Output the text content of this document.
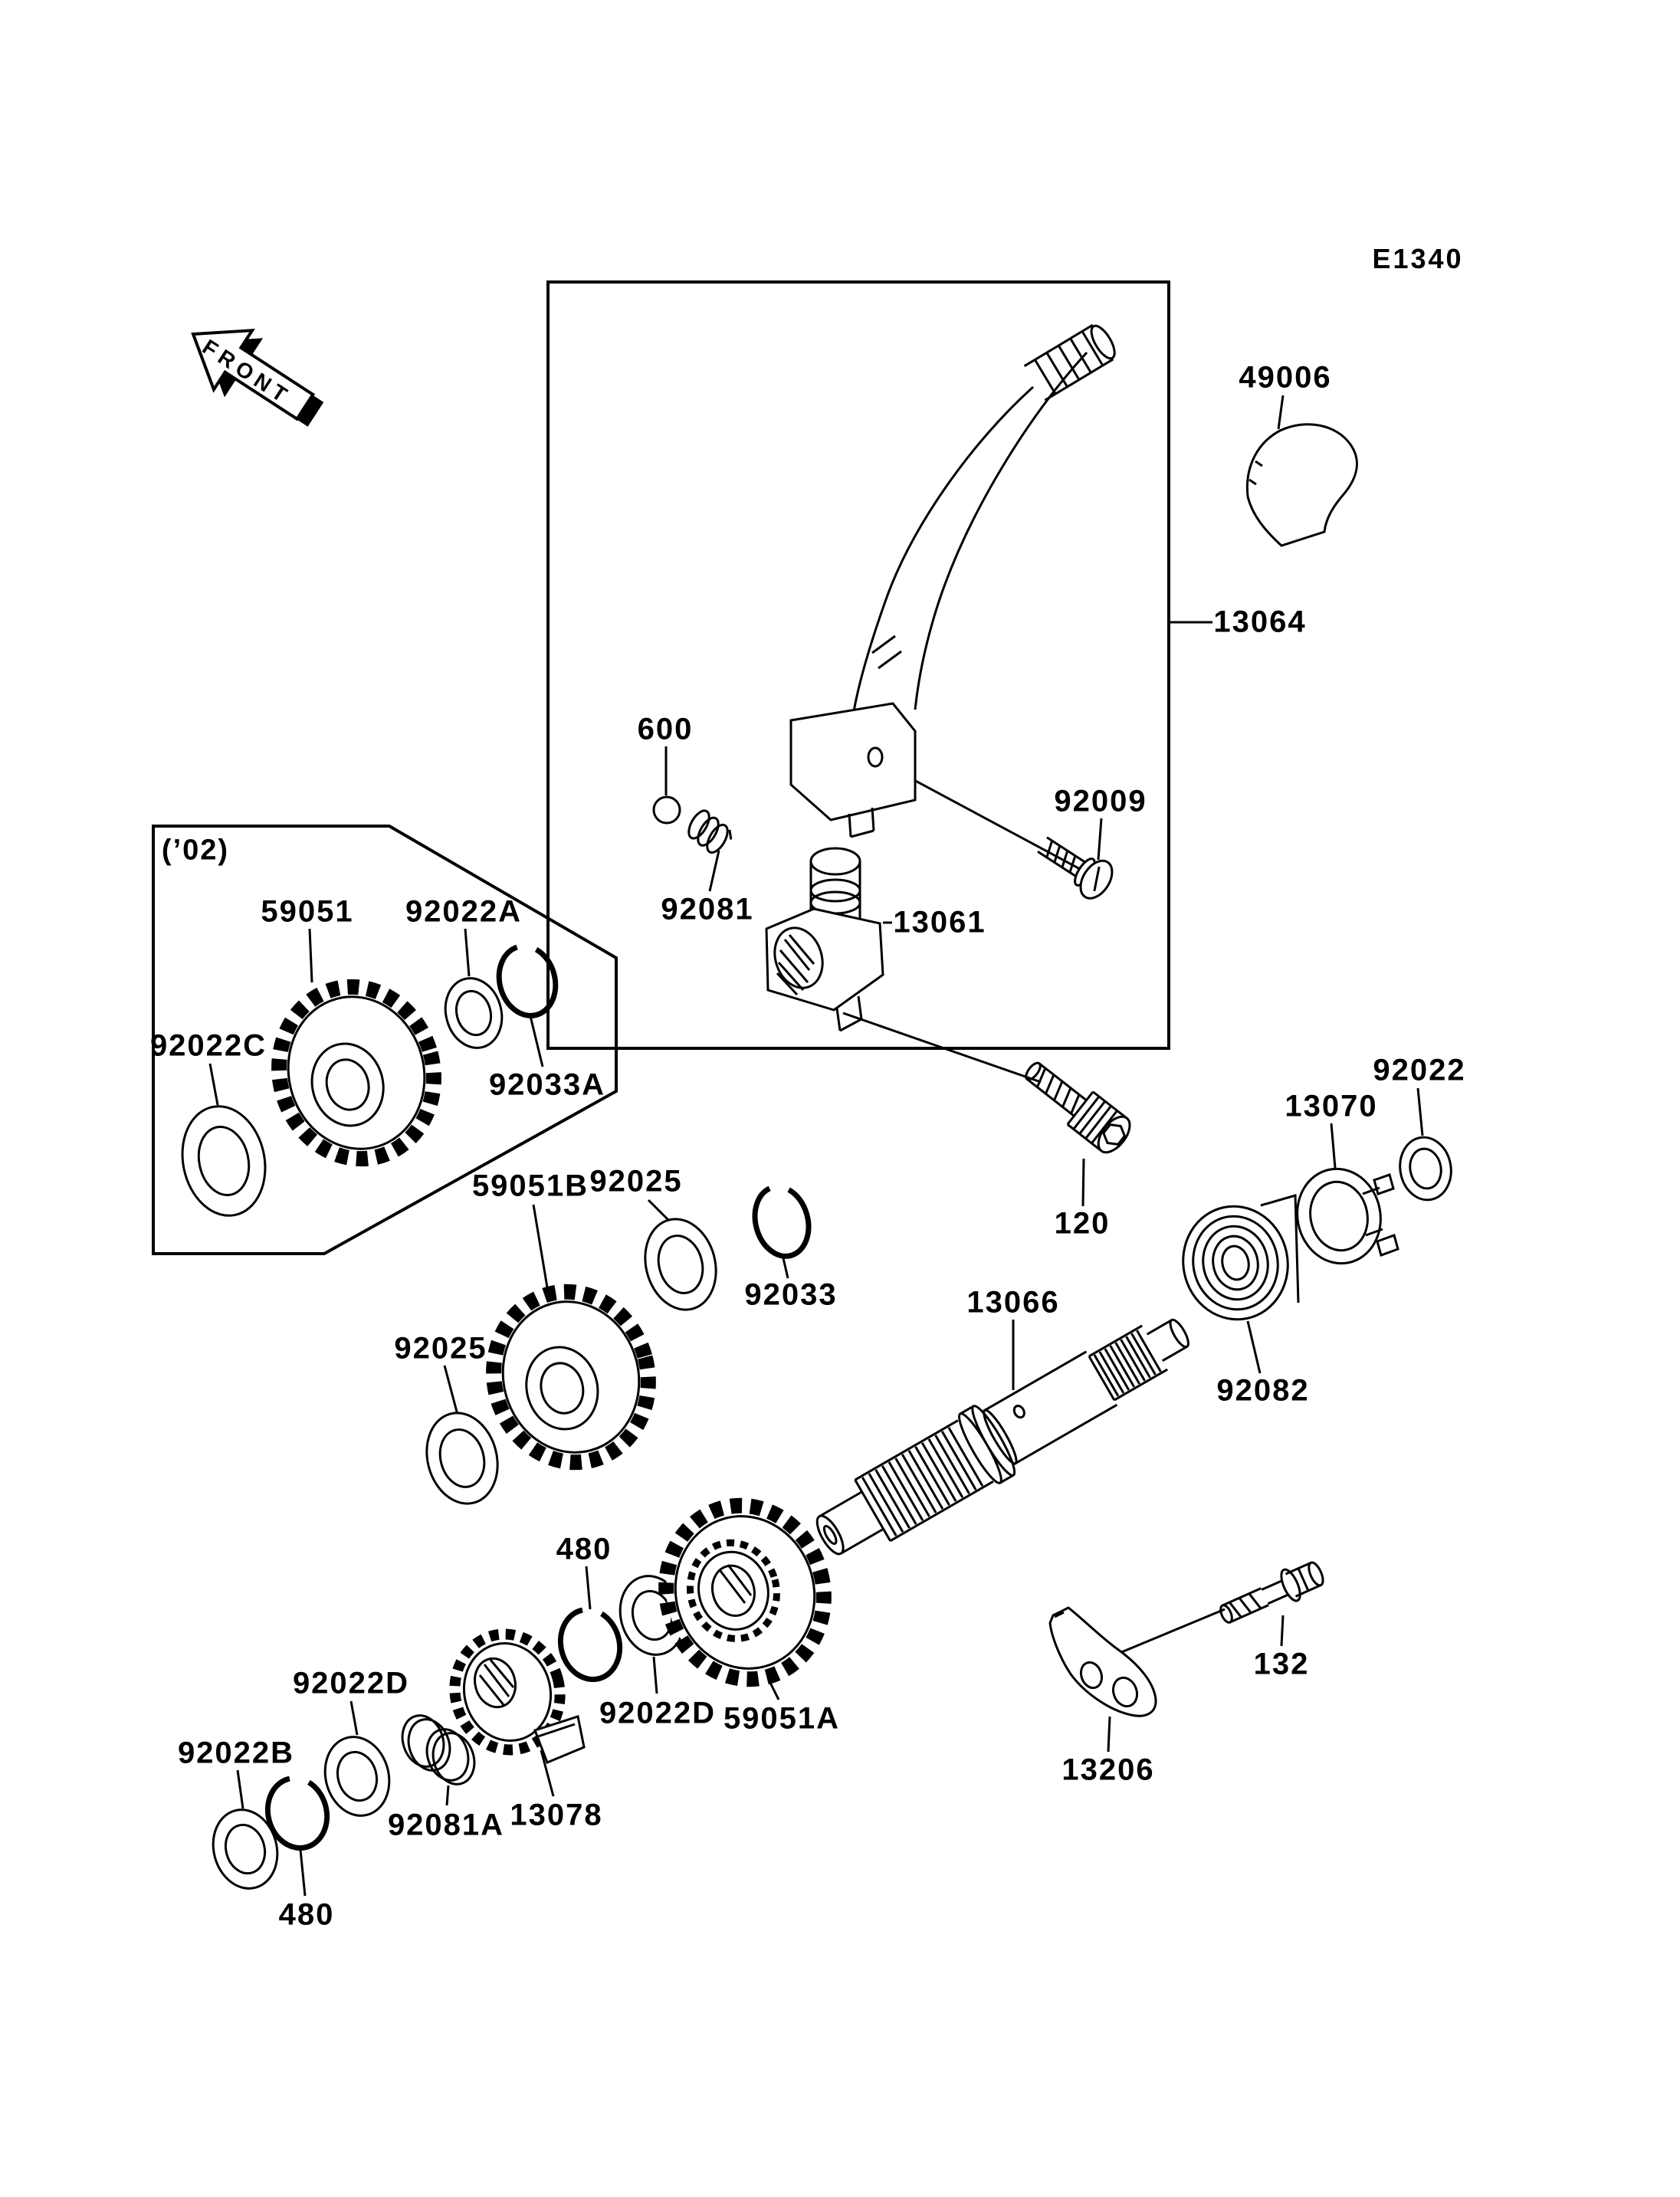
E1340
FRONT
(’02)
49006
13064
600
92009
92081	13061
59051 92022A
92022C
92033A
59051B 92025
92033
92025
13066
13070
92022
120
92082
132
13206
480
92022D
92022B
480
92081A 13078
92022D 59051A
